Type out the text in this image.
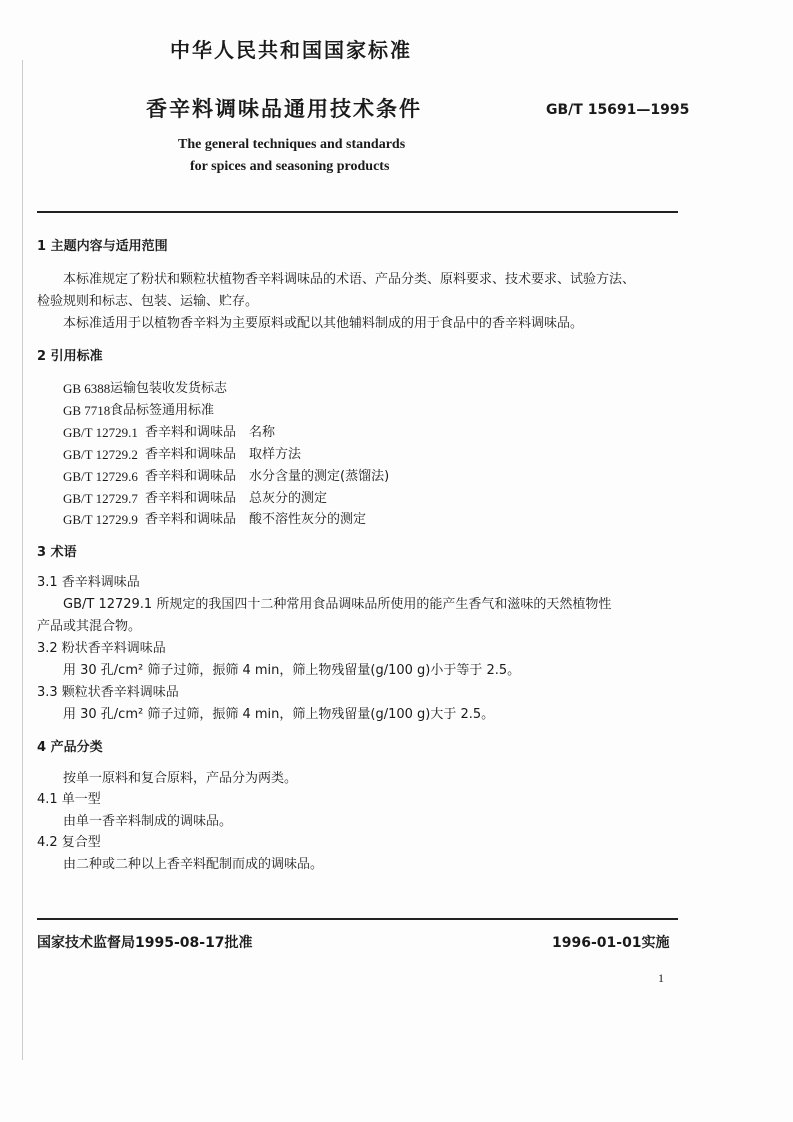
中华人民共和国国家标准
香辛料调味品通用技术条件	GB/T 15691—1995
The general techniques and standards
for spices and seasoning products
1 主题内容与适用范围
本标准规定了粉状和颗粒状植物香辛料调味品的术语、产品分类、原料要求、技术要求、试验方法、
检验规则和标志、包装、运输、贮存。
本标准适用于以植物香辛料为主要原料或配以其他辅料制成的用于食品中的香辛料调味品。
2 引用标准
GB 6388 运输包装收发货标志
GB 7718 食品标签通用标准
GB/T 12729.1 香辛料和调味品　名称
GB/T 12729.2 香辛料和调味品　取样方法
GB/T 12729.6 香辛料和调味品　水分含量的测定(蒸馏法)
GB/T 12729.7 香辛料和调味品　总灰分的测定
GB/T 12729.9 香辛料和调味品　酸不溶性灰分的测定
3 术语
3.1 香辛料调味品
GB/T 12729.1 所规定的我国四十二种常用食品调味品所使用的能产生香气和滋味的天然植物性
产品或其混合物。
3.2 粉状香辛料调味品
用 30 孔/cm² 筛子过筛，振筛 4 min，筛上物残留量(g/100 g)小于等于 2.5。
3.3 颗粒状香辛料调味品
用 30 孔/cm² 筛子过筛，振筛 4 min，筛上物残留量(g/100 g)大于 2.5。
4 产品分类
按单一原料和复合原料，产品分为两类。
4.1 单一型
由单一香辛料制成的调味品。
4.2 复合型
由二种或二种以上香辛料配制而成的调味品。
国家技术监督局1995-08-17批准	1996-01-01实施
1
